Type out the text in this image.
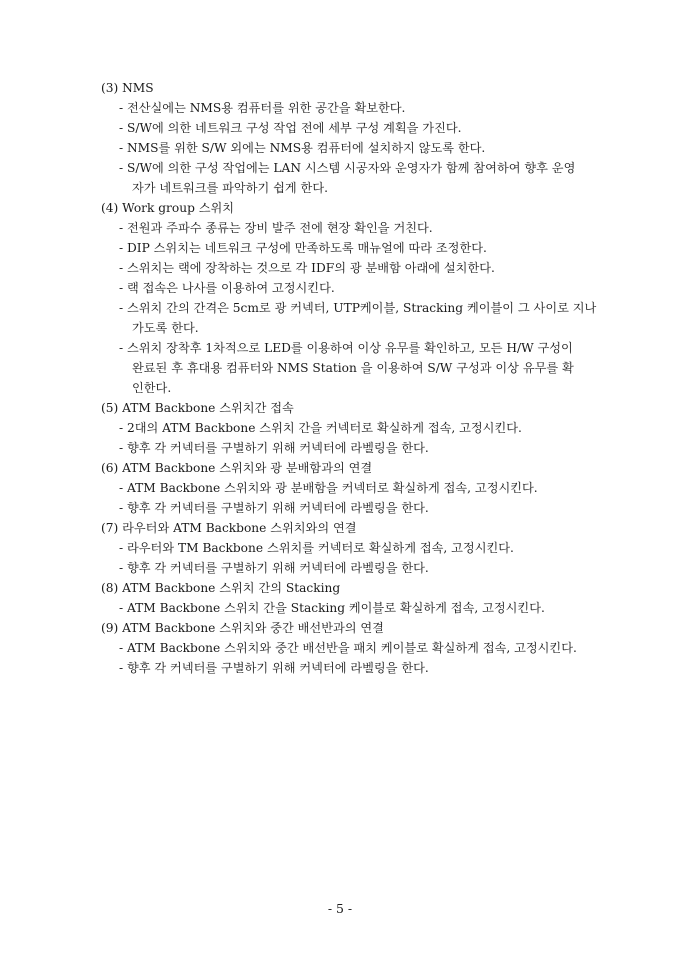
(3) NMS
- 전산실에는 NMS용 컴퓨터를 위한 공간을 확보한다.
- S/W에 의한 네트워크 구성 작업 전에 세부 구성 계획을 가진다.
- NMS를 위한 S/W 외에는 NMS용 컴퓨터에 설치하지 않도록 한다.
- S/W에 의한 구성 작업에는 LAN 시스템 시공자와 운영자가 함께 참여하여 향후 운영
자가 네트워크를 파악하기 쉽게 한다.
(4) Work group 스위치
- 전원과 주파수 종류는 장비 발주 전에 현장 확인을 거친다.
- DIP 스위치는 네트워크 구성에 만족하도록 매뉴얼에 따라 조정한다.
- 스위치는 랙에 장착하는 것으로 각 IDF의 광 분배함 아래에 설치한다.
- 랙 접속은 나사를 이용하여 고정시킨다.
- 스위치 간의 간격은 5cm로 광 커넥터, UTP케이블, Stracking 케이블이 그 사이로 지나
가도록 한다.
- 스위치 장착후 1차적으로 LED를 이용하여 이상 유무를 확인하고, 모든 H/W 구성이
완료된 후 휴대용 컴퓨터와 NMS Station 을 이용하여 S/W 구성과 이상 유무를 확
인한다.
(5) ATM Backbone 스위치간 접속
- 2대의 ATM Backbone 스위치 간을 커넥터로 확실하게 접속, 고정시킨다.
- 향후 각 커넥터를 구별하기 위해 커넥터에 라벨링을 한다.
(6) ATM Backbone 스위치와 광 분배함과의 연결
- ATM Backbone 스위치와 광 분배함을 커넥터로 확실하게 접속, 고정시킨다.
- 향후 각 커넥터를 구별하기 위해 커넥터에 라벨링을 한다.
(7) 라우터와 ATM Backbone 스위치와의 연결
- 라우터와 TM Backbone 스위치를 커넥터로 확실하게 접속, 고정시킨다.
- 향후 각 커넥터를 구별하기 위해 커넥터에 라벨링을 한다.
(8) ATM Backbone 스위치 간의 Stacking
- ATM Backbone 스위치 간을 Stacking 케이블로 확실하게 접속, 고정시킨다.
(9) ATM Backbone 스위치와 중간 배선반과의 연결
- ATM Backbone 스위치와 중간 배선반을 패치 케이블로 확실하게 접속, 고정시킨다.
- 향후 각 커넥터를 구별하기 위해 커넥터에 라벨링을 한다.
- 5 -
